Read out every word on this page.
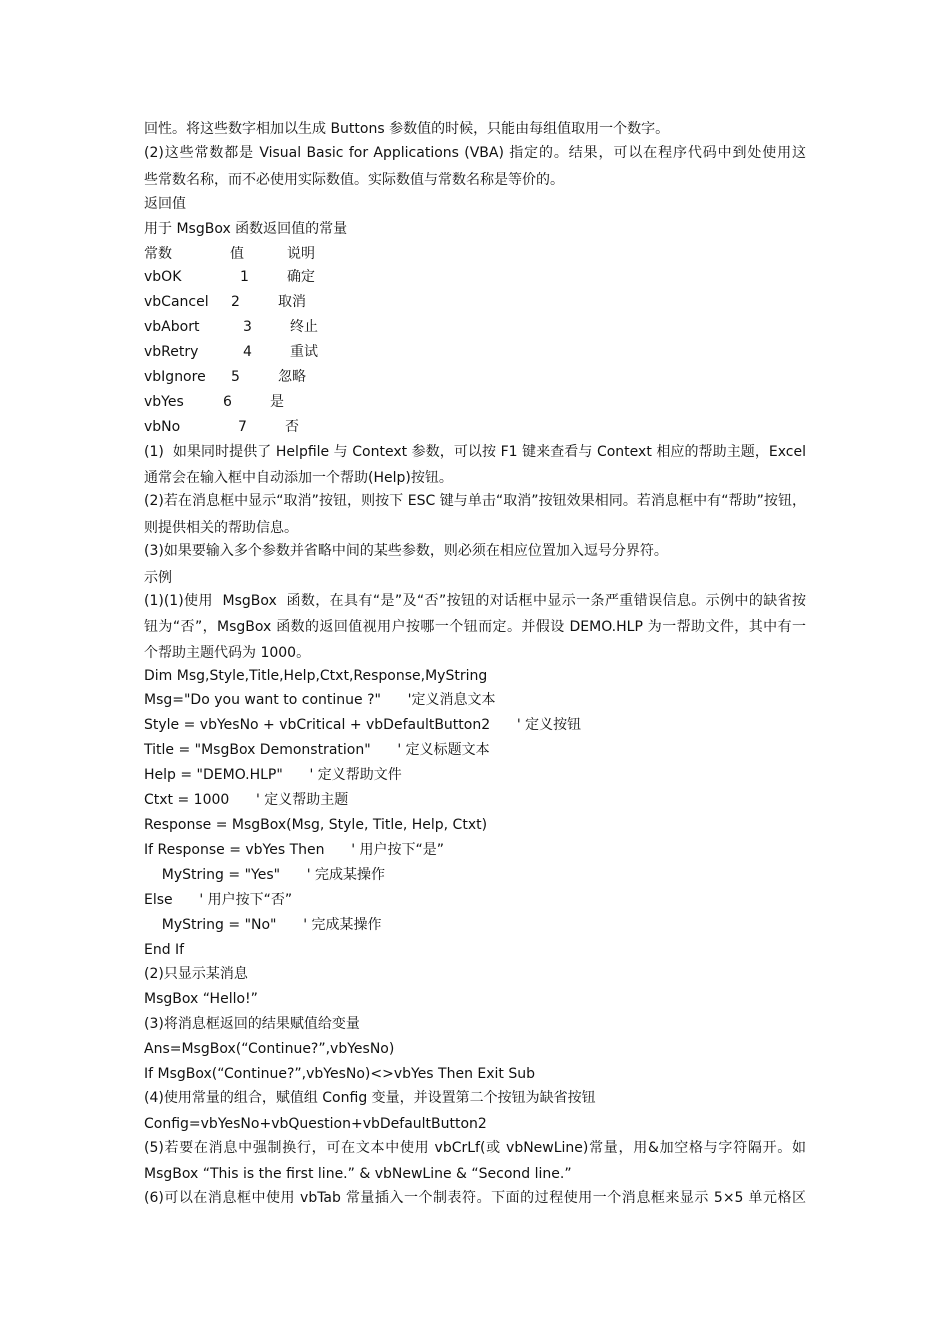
回性。将这些数字相加以生成 Buttons 参数值的时候，只能由每组值取用一个数字。
(2)这些常数都是 Visual Basic for Applications (VBA) 指定的。结果，可以在程序代码中到处使用这
些常数名称，而不必使用实际数值。实际数值与常数名称是等价的。
返回值
用于 MsgBox 函数返回值的常量
常数	值	说明
vbOK	1	确定
vbCancel 2	取消
vbAbort	3	终止
vbRetry	4	重试
vbIgnore 5	忽略
vbYes	6	是
vbNo	7	否
(1)  如果同时提供了 Helpfile 与 Context 参数，可以按 F1 键来查看与 Context 相应的帮助主题，Excel
通常会在输入框中自动添加一个帮助(Help)按钮。
(2)若在消息框中显示“取消”按钮，则按下 ESC 键与单击“取消”按钮效果相同。若消息框中有“帮助”按钮，
则提供相关的帮助信息。
(3)如果要输入多个参数并省略中间的某些参数，则必须在相应位置加入逗号分界符。
示例
(1)(1)使用  MsgBox  函数，在具有“是”及“否”按钮的对话框中显示一条严重错误信息。示例中的缺省按
钮为“否”，MsgBox 函数的返回值视用户按哪一个钮而定。并假设 DEMO.HLP 为一帮助文件，其中有一
个帮助主题代码为 1000。
Dim Msg,Style,Title,Help,Ctxt,Response,MyString
Msg="Do you want to continue ?"      '定义消息文本
Style = vbYesNo + vbCritical + vbDefaultButton2      ' 定义按钮
Title = "MsgBox Demonstration"      ' 定义标题文本
Help = "DEMO.HLP"      ' 定义帮助文件
Ctxt = 1000      ' 定义帮助主题
Response = MsgBox(Msg, Style, Title, Help, Ctxt)
If Response = vbYes Then      ' 用户按下“是”
MyString = "Yes"      ' 完成某操作
Else      ' 用户按下“否”
MyString = "No"      ' 完成某操作
End If
(2)只显示某消息
MsgBox “Hello!”
(3)将消息框返回的结果赋值给变量
Ans=MsgBox(“Continue?”,vbYesNo)
If MsgBox(“Continue?”,vbYesNo)<>vbYes Then Exit Sub
(4)使用常量的组合，赋值组 Config 变量，并设置第二个按钮为缺省按钮
Config=vbYesNo+vbQuestion+vbDefaultButton2
(5)若要在消息中强制换行，可在文本中使用 vbCrLf(或 vbNewLine)常量，用&加空格与字符隔开。如
MsgBox “This is the first line.” & vbNewLine & “Second line.”
(6)可以在消息框中使用 vbTab 常量插入一个制表符。下面的过程使用一个消息框来显示 5×5 单元格区
